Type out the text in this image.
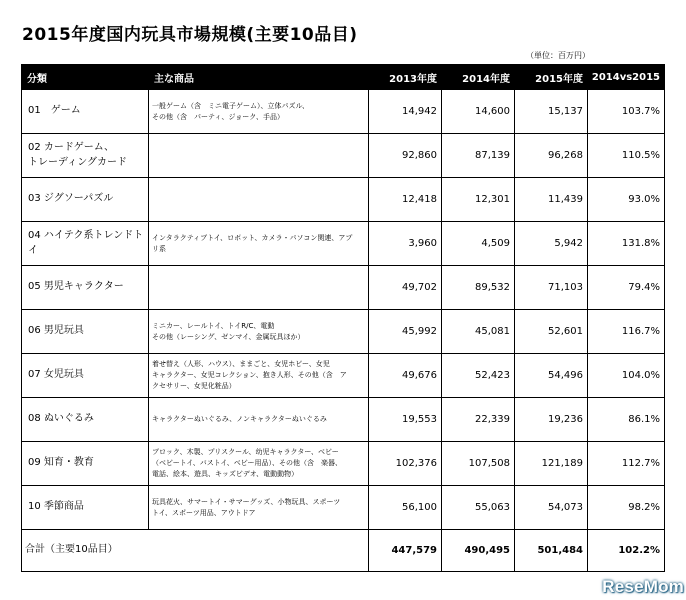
2015年度国内玩具市場規模(主要10品目)
（単位：百万円）
分類	主な商品	2013年度	2014年度	2015年度	2014vs2015

01　ゲーム	一般ゲーム（含　ミニ電子ゲーム）、立体パズル、
その他（含　パーティ、ジョーク、手品）	14,942	14,600	15,137	103.7%

02 カードゲーム、
トレーディングカード		92,860	87,139	96,268	110.5%

03 ジグソーパズル		12,418	12,301	11,439	93.0%

04 ハイテク系トレンドトイ	インタラクティブトイ、ロボット、カメラ・パソコン関連、アプ
リ系	3,960	4,509	5,942	131.8%

05 男児キャラクター		49,702	89,532	71,103	79.4%

06 男児玩具	ミニカー、レールトイ、トイR/C、電動
その他（レーシング、ゼンマイ、金属玩具ほか）	45,992	45,081	52,601	116.7%

07 女児玩具	着せ替え（人形、ハウス）、ままごと、女児ホビー、女児
キャラクター、女児コレクション、抱き人形、その他（含　ア
クセサリー、女児化粧品）	49,676	52,423	54,496	104.0%

08 ぬいぐるみ	キャラクターぬいぐるみ、ノンキャラクターぬいぐるみ	19,553	22,339	19,236	86.1%

09 知育・教育	ブロック、木製、プリスクール、幼児キャラクター、ベビー
（ベビートイ、バストイ、ベビー用品）、その他（含　楽器、
電話、絵本、遊具、キッズビデオ、電動動物）	102,376	107,508	121,189	112.7%

10 季節商品	玩具花火、サマートイ・サマーグッズ、小物玩具、スポーツ
トイ、スポーツ用品、アウトドア	56,100	55,063	54,073	98.2%
合計（主要10品目）		447,579	490,495	501,484	102.2%
ReseMom
